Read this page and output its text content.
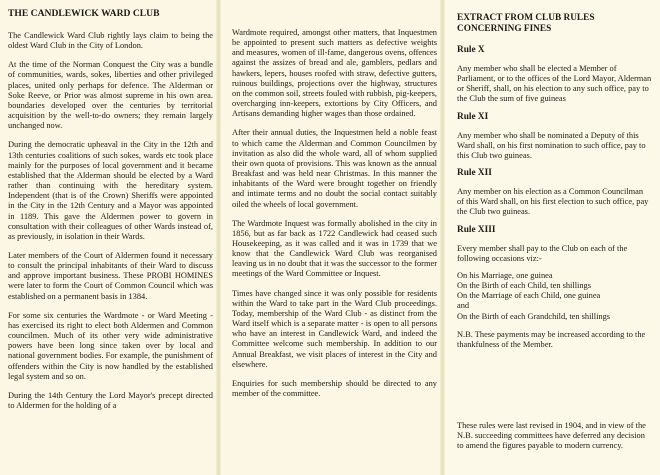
THE CANDLEWICK WARD CLUB

The Candlewick Ward Club rightly lays claim to being the oldest Ward Club in the City of London.

At the time of the Norman Conquest the City was a bundle of communities, wards, sokes, liberties and other privileged places, united only perhaps for defence. The Alderman or Soke Reeve, or Prior was almost supreme in his own area. boundaries developed over the centuries by territorial acquisition by the well-to-do owners; they remain largely unchanged now.

During the democratic upheaval in the City in the 12th and 13th centuries coalitions of such sokes, wards etc took place mainly for the purposes of local government and it became established that the Alderman should be elected by a Ward rather than continuing with the hereditary system. Independent (that is of the Crown) Sheriffs were appointed in the City in the 12th Century and a Mayor was appointed in 1189. This gave the Aldermen power to govern in consultation with their colleagues of other Wards instead of, as previously, in isolation in their Wards.

Later members of the Court of Aldermen found it necessary to consult the principal inhabitants of their Ward to discuss and approve important business. These PROBI HOMINES were later to form the Court of Common Council which was established on a permanent basis in 1384.

For some six centuries the Wardmote - or Ward Meeting - has exercised its right to elect both Aldermen and Common councilmen. Much of its other very wide administrative powers have been long since taken over by local and national government bodies. For example, the punishment of offenders within the City is now handled by the established legal system and so on.

During the 14th Century the Lord Mayor's precept directed to Aldermen for the holding of a

Wardmote required, amongst other matters, that Inquestmen be appointed to present such matters as defective weights and measures, women of ill-fame, dangerous ovens, offences against the assizes of bread and ale, gamblers, pedlars and hawkers, lepers, houses roofed with straw, defective gutters, ruinous buildings, projections over the highway, structures on the common soil, streets fouled with rubbish, pig-keepers, overcharging inn-keepers, extortions by City Officers, and Artisans demanding higher wages than those ordained.

After their annual duties, the Inquestmen held a noble feast to which came the Alderman and Common Councilmen by invitation as also did the whole ward, all of whom supplied their own quota of provisions. This was known as the annual Breakfast and was held near Christmas. In this manner the inhabitants of the Ward were brought together on friendly and intimate terms and no doubt the social contact suitably oiled the wheels of local government.

The Wardmote Inquest was formally abolished in the city in 1856, but as far back as 1722 Candlewick had ceased such Housekeeping, as it was called and it was in 1739 that we know that the Candlewick Ward Club was reorganised leaving us in no doubt that it was the successor to the former meetings of the Ward Committee or Inquest.

Times have changed since it was only possible for residents within the Ward to take part in the Ward Club proceedings. Today, membership of the Ward Club - as distinct from the Ward itself which is a separate matter - is open to all persons who have an interest in Candlewick Ward, and indeed the Committee welcome such membership. In addition to our Annual Breakfast, we visit places of interest in the City and elsewhere.

Enquiries for such membership should be directed to any member of the committee.

EXTRACT FROM CLUB RULES
CONCERNING FINES
Rule X

Any member who shall be elected a Member of Parliament, or to the offices of the Lord Mayor, Alderman or Sheriff, shall, on his election to any such office, pay to the Club the sum of five guineas

Rule XI

Any member who shall be nominated a Deputy of this Ward shall, on his first nomination to such office, pay to this Club two guineas.

Rule XII

Any member on his election as a Common Councilman of this Ward shall, on his first election to such office, pay the Club two guineas.

Rule XIII

Every member shall pay to the Club on each of the following occasions viz:-

On his Marriage, one guinea
On the Birth of each Child, ten shillings
On the Marriage of each Child, one guinea
and
On the Birth of each Grandchild, ten shillings

N.B. These payments may be increased according to the thankfulness of the Member.

These rules were last revised in 1904, and in view of the N.B. succeeding committees have deferred any decision to amend the figures payable to modern currency.
